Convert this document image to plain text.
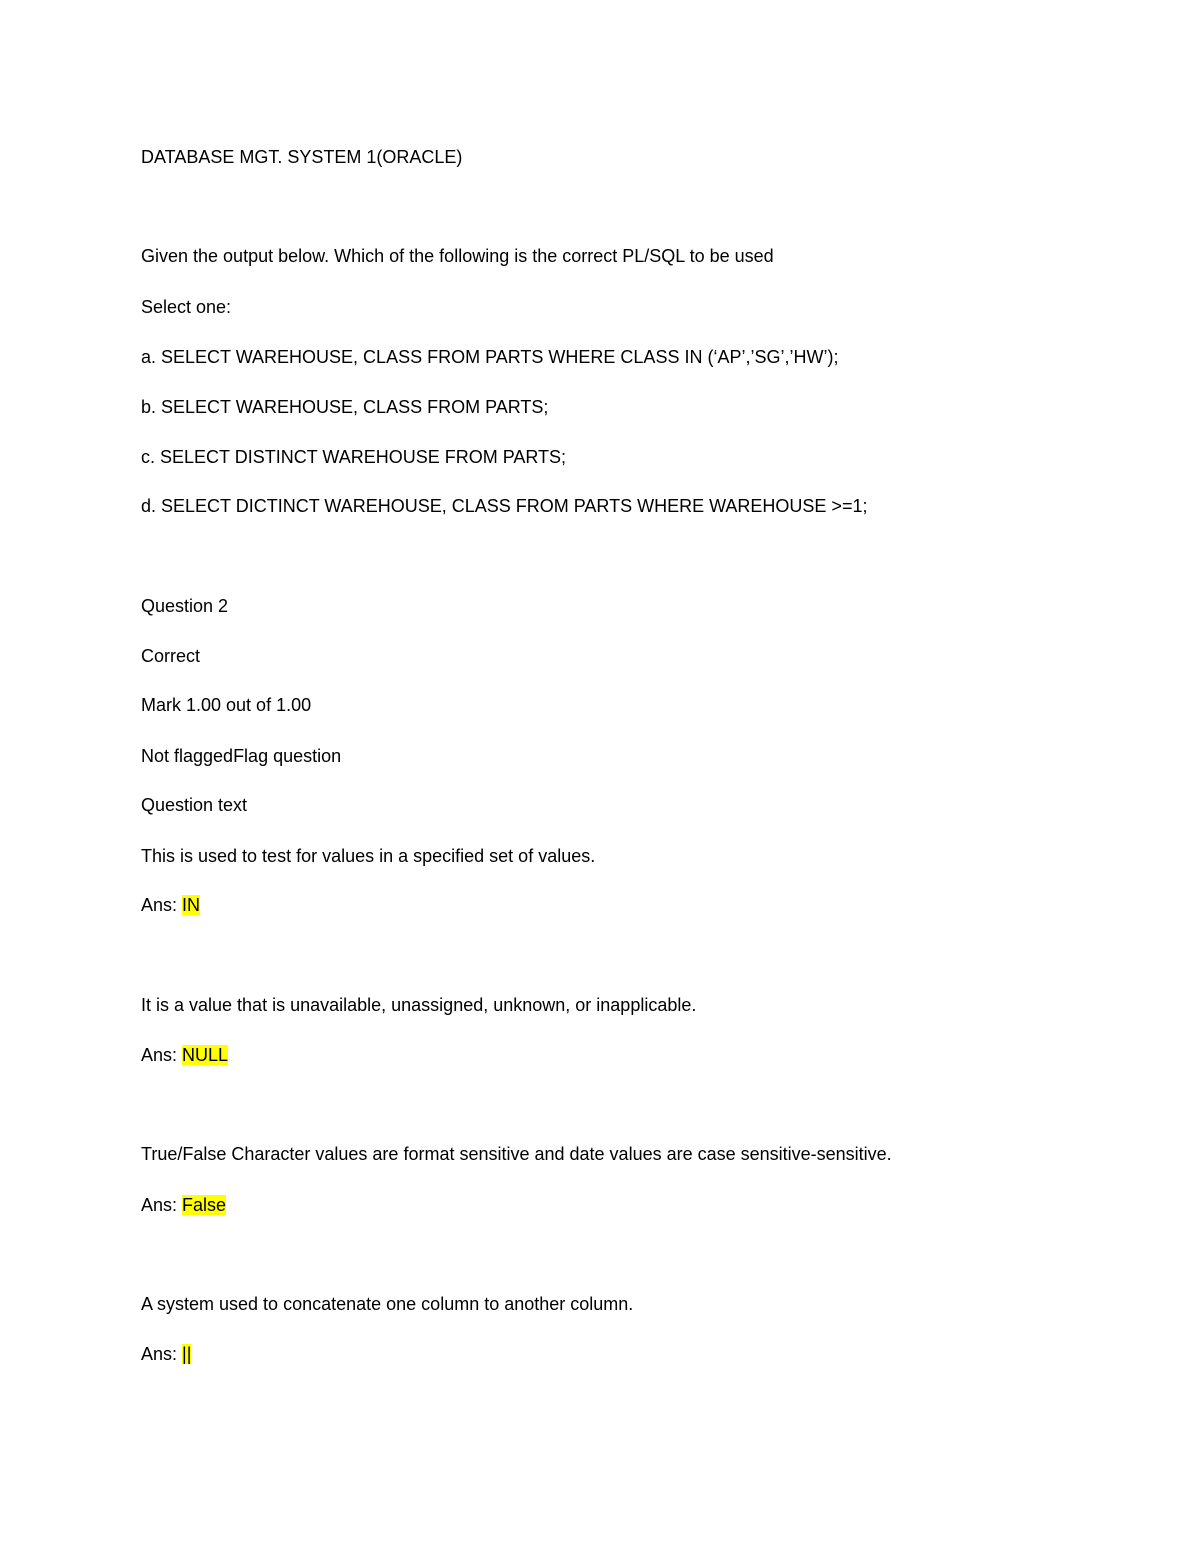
DATABASE MGT. SYSTEM 1(ORACLE)
Given the output below. Which of the following is the correct PL/SQL to be used
Select one:
a. SELECT WAREHOUSE, CLASS FROM PARTS WHERE CLASS IN (‘AP’,’SG’,’HW’);
b. SELECT WAREHOUSE, CLASS FROM PARTS;
c. SELECT DISTINCT WAREHOUSE FROM PARTS;
d. SELECT DICTINCT WAREHOUSE, CLASS FROM PARTS WHERE WAREHOUSE >=1;
Question 2
Correct
Mark 1.00 out of 1.00
Not flaggedFlag question
Question text
This is used to test for values in a specified set of values.
Ans: IN
It is a value that is unavailable, unassigned, unknown, or inapplicable.
Ans: NULL
True/False Character values are format sensitive and date values are case sensitive-sensitive.
Ans: False
A system used to concatenate one column to another column.
Ans: ||
